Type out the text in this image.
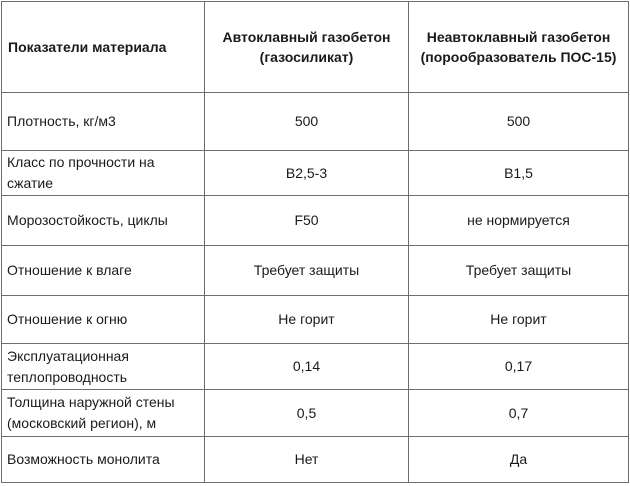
Показатели материала	Автоклавный газобетон (газосиликат)	Неавтоклавный газобетон (порообразователь ПОС-15)
Плотность, кг/м3	500	500
Класс по прочности на сжатие	В2,5-3	В1,5
Морозостойкость, циклы	F50	не нормируется
Отношение к влаге	Требует защиты	Требует защиты
Отношение к огню	Не горит	Не горит
Эксплуатационная теплопроводность	0,14	0,17
Толщина наружной стены (московский регион), м	0,5	0,7
Возможность монолита	Нет	Да
